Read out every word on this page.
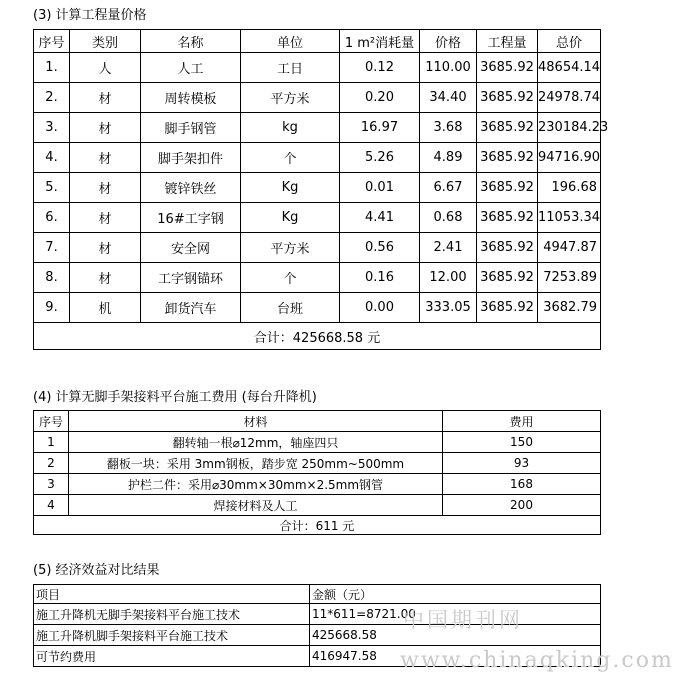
(3) 计算工程量价格
序号	类别	名称	单位	1 m²消耗量	价格	工程量	总价
1.	人	人工	工日	0.12	110.00	3685.92	48654.14
2.	材	周转模板	平方米	0.20	34.40	3685.92	24978.74
3.	材	脚手钢管	kg	16.97	3.68	3685.92	230184.23
4.	材	脚手架扣件	个	5.26	4.89	3685.92	94716.90
5.	材	镀锌铁丝	Kg	0.01	6.67	3685.92	196.68
6.	材	16#工字钢	Kg	4.41	0.68	3685.92	11053.34
7.	材	安全网	平方米	0.56	2.41	3685.92	4947.87
8.	材	工字钢锚环	个	0.16	12.00	3685.92	7253.89
9.	机	卸货汽车	台班	0.00	333.05	3685.92	3682.79
合计：425668.58 元							
(4) 计算无脚手架接料平台施工费用 (每台升降机)
序号	材料	费用
1	翻转轴一根⌀12mm，轴座四只	150
2	翻板一块：采用 3mm钢板，踏步宽 250mm~500mm	93
3	护栏二件：采用⌀30mm×30mm×2.5mm钢管	168
4	焊接材料及人工	200
合计：611 元		
(5) 经济效益对比结果
项目	金额（元）
施工升降机无脚手架接料平台施工技术	11*611=8721.00
施工升降机脚手架接料平台施工技术	425668.58
可节约费用	416947.58
中国期刊网
www.chinaqking.com
